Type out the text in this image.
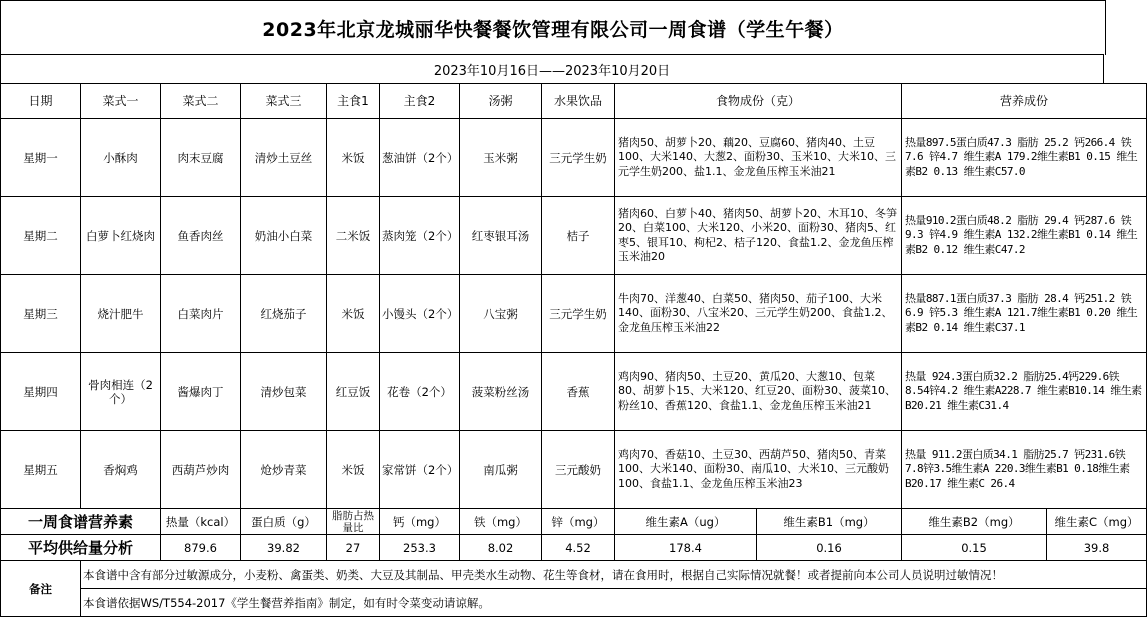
2023年北京龙城丽华快餐餐饮管理有限公司一周食谱（学生午餐）
2023年10月16日——2023年10月20日
日期	菜式一	菜式二	菜式三	主食1	主食2	汤粥	水果饮品	食物成份（克）		营养成份	
星期一	小酥肉	肉末豆腐	清炒土豆丝	米饭	葱油饼（2个）	玉米粥	三元学生奶	猪肉50、胡萝卜20、藕20、豆腐60、猪肉40、土豆100、大米140、大葱2、面粉30、玉米10、大米10、三元学生奶200、盐1.1、金龙鱼压榨玉米油21		热量897.5蛋白质47.3 脂肪 25.2 钙266.4 铁7.6 锌4.7 维生素A 179.2维生素B1 0.15 维生素B2 0.13 维生素C57.0	
星期二	白萝卜红烧肉	鱼香肉丝	奶油小白菜	二米饭	蒸肉笼（2个）	红枣银耳汤	桔子	猪肉60、白萝卜40、猪肉50、胡萝卜20、木耳10、冬笋20、白菜100、大米120、小米20、面粉30、猪肉5、红枣5、银耳10、枸杞2、桔子120、食盐1.2、金龙鱼压榨玉米油20		热量910.2蛋白质48.2 脂肪 29.4 钙287.6 铁9.3 锌4.9 维生素A 132.2维生素B1 0.14 维生素B2 0.12 维生素C47.2	
星期三	烧汁肥牛	白菜肉片	红烧茄子	米饭	小馒头（2个）	八宝粥	三元学生奶	牛肉70、洋葱40、白菜50、猪肉50、茄子100、大米140、面粉30、八宝米20、三元学生奶200、食盐1.2、金龙鱼压榨玉米油22		热量887.1蛋白质37.3 脂肪 28.4 钙251.2 铁6.9 锌5.3 维生素A 121.7维生素B1 0.20 维生素B2 0.14 维生素C37.1	
星期四	骨肉相连（2个）	酱爆肉丁	清炒包菜	红豆饭	花卷（2个）	菠菜粉丝汤	香蕉	鸡肉90、猪肉50、土豆20、黄瓜20、大葱10、包菜80、胡萝卜15、大米120、红豆20、面粉30、菠菜10、粉丝10、香蕉120、食盐1.1、金龙鱼压榨玉米油21		热量 924.3蛋白质32.2 脂肪25.4钙229.6铁8.54锌4.2 维生素A228.7 维生素B10.14 维生素B20.21 维生素C31.4	
星期五	香焖鸡	西葫芦炒肉	炝炒青菜	米饭	家常饼（2个）	南瓜粥	三元酸奶	鸡肉70、香菇10、土豆30、西葫芦50、猪肉50、青菜100、大米140、面粉30、南瓜10、大米10、三元酸奶100、食盐1.1、金龙鱼压榨玉米油23		热量 911.2蛋白质34.1 脂肪25.7 钙231.6铁7.8锌3.5维生素A 220.3维生素B1 0.18维生素B20.17 维生素C 26.4	
一周食谱营养素		热量（kcal）	蛋白质（g）	脂肪占热量比	钙（mg）	铁（mg）	锌（mg）	维生素A（ug）	维生素B1（mg）	维生素B2（mg）	维生素C（mg）
平均供给量分析		879.6	39.82	27	253.3	8.02	4.52	178.4	0.16	0.15	39.8
备注	本食谱中含有部分过敏源成分，小麦粉、禽蛋类、奶类、大豆及其制品、甲壳类水生动物、花生等食材，请在食用时，根据自己实际情况就餐！或者提前向本公司人员说明过敏情况！										
	本食谱依据WS/T554-2017《学生餐营养指南》制定，如有时令菜变动请谅解。										
